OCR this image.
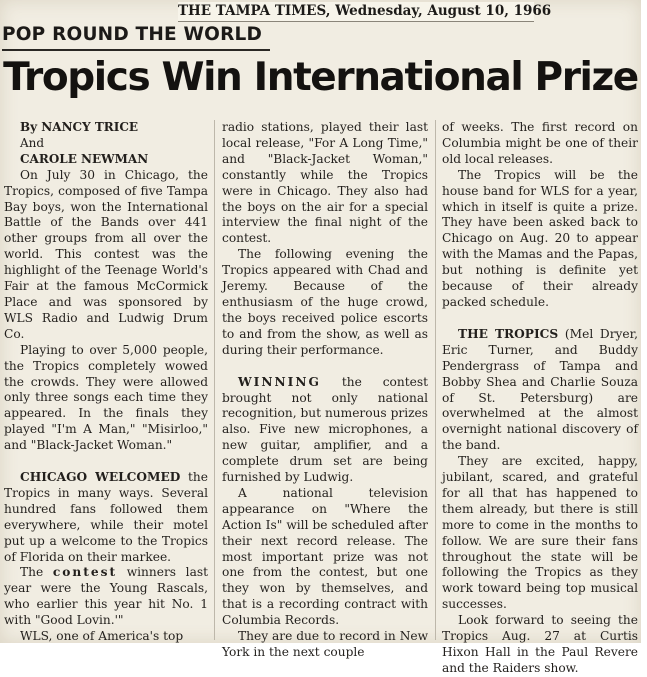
THE TAMPA TIMES, Wednesday, August 10, 1966
POP ROUND THE WORLD
Tropics Win International Prize

By NANCY TRICE

And

CAROLE NEWMAN

On July 30 in Chicago, the Tropics, composed of five Tampa Bay boys, won the International Battle of the Bands over 441 other groups from all over the world. This contest was the highlight of the Teenage World's Fair at the famous McCormick Place and was sponsored by WLS Radio and Ludwig Drum Co.

Playing to over 5,000 people, the Tropics completely wowed the crowds. They were allowed only three songs each time they appeared. In the finals they played "I'm A Man," "Misirloo," and "Black-Jacket Woman."

CHICAGO WELCOMED the Tropics in many ways. Several hundred fans followed them everywhere, while their motel put up a welcome to the Tropics of Florida on their markee.

The contest winners last year were the Young Rascals, who earlier this year hit No. 1 with "Good Lovin.'"

WLS, one of America's top

radio stations, played their last local release, "For A Long Time," and "Black-Jacket Woman," constantly while the Tropics were in Chicago. They also had the boys on the air for a special interview the final night of the contest.

The following evening the Tropics appeared with Chad and Jeremy. Because of the enthusiasm of the huge crowd, the boys received police escorts to and from the show, as well as during their performance.

WINNING the contest brought not only national recognition, but numerous prizes also. Five new microphones, a new guitar, amplifier, and a complete drum set are being furnished by Ludwig.

A national television appearance on "Where the Action Is" will be scheduled after their next record release. The most important prize was not one from the contest, but one they won by themselves, and that is a recording contract with Columbia Records.

They are due to record in New York in the next couple

of weeks. The first record on Columbia might be one of their old local releases.

The Tropics will be the house band for WLS for a year, which in itself is quite a prize. They have been asked back to Chicago on Aug. 20 to appear with the Mamas and the Papas, but nothing is definite yet because of their already packed schedule.

THE TROPICS (Mel Dryer, Eric Turner, and Buddy Pendergrass of Tampa and Bobby Shea and Charlie Souza of St. Petersburg) are overwhelmed at the almost overnight national discovery of the band.

They are excited, happy, jubilant, scared, and grateful for all that has happened to them already, but there is still more to come in the months to follow. We are sure their fans throughout the state will be following the Tropics as they work toward being top musical successes.

Look forward to seeing the Tropics Aug. 27 at Curtis Hixon Hall in the Paul Revere and the Raiders show.
